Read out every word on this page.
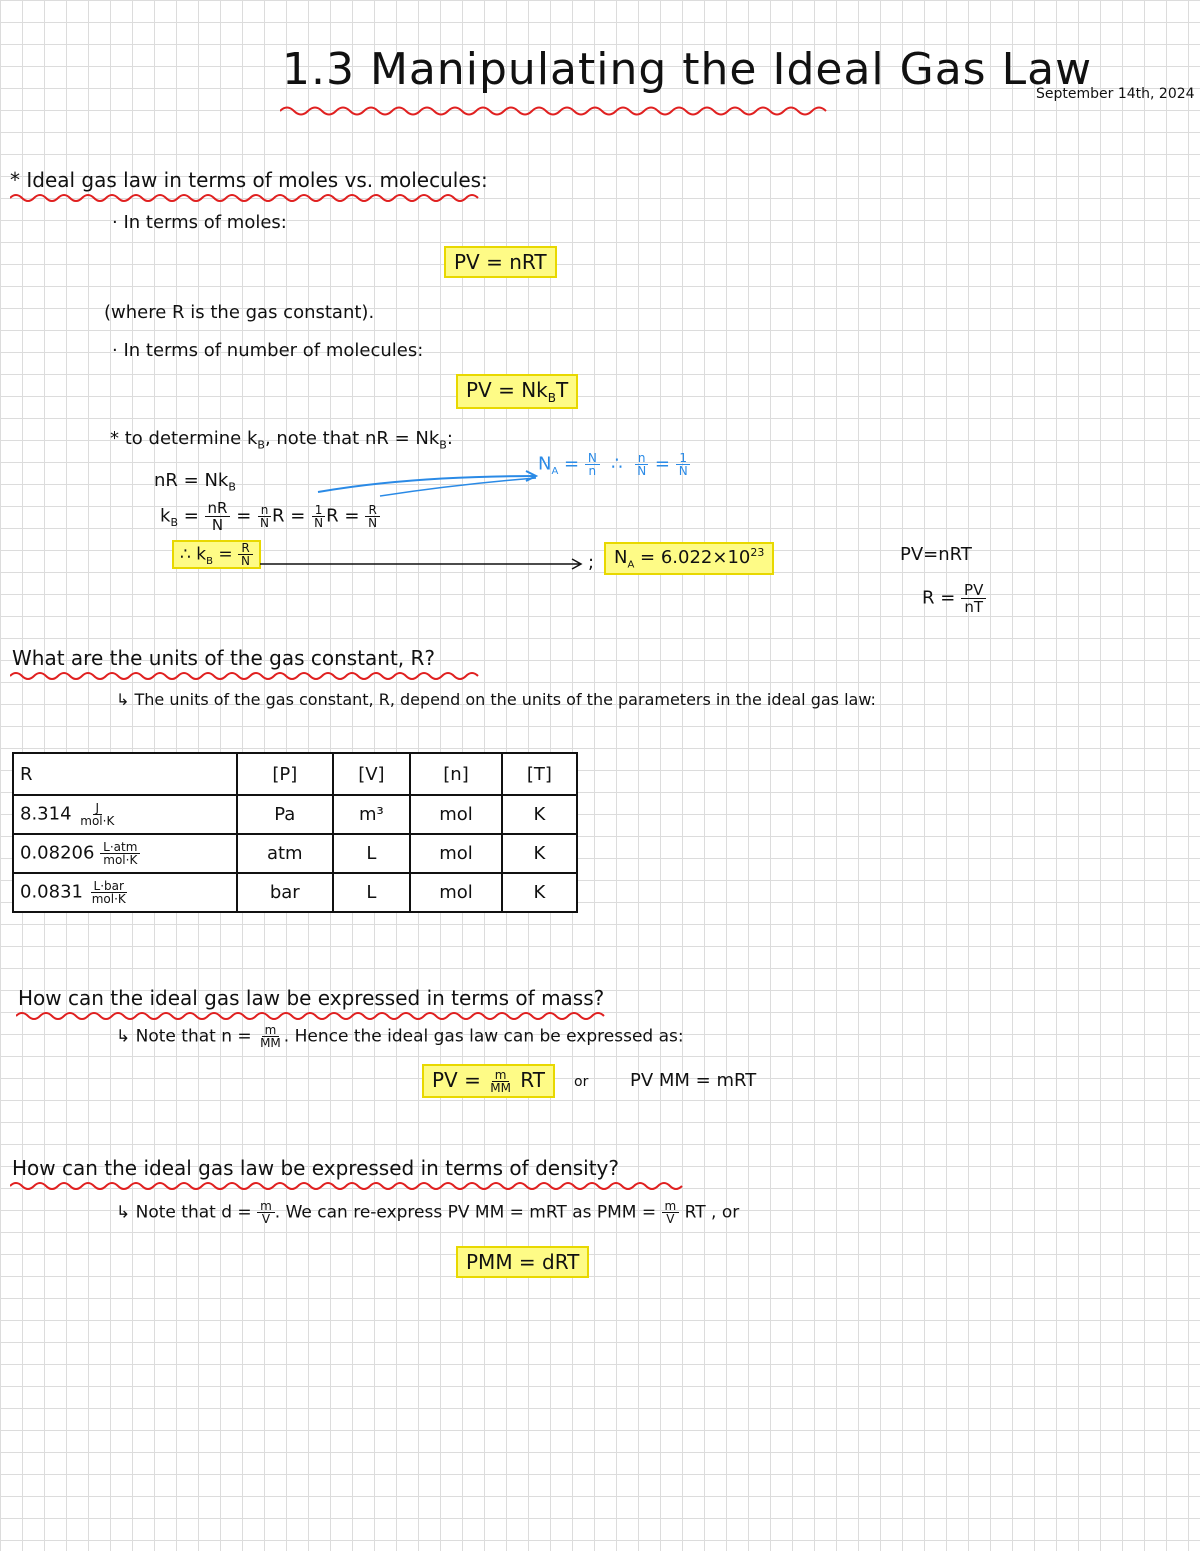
1.3 Manipulating the Ideal Gas Law
September 14th, 2024
* Ideal gas law in terms of moles vs. molecules:
· In terms of moles:
PV = nRT
(where R is the gas constant).
· In terms of number of molecules:
PV = $Nk_BT$
* to determine $k_B$, note that nR = $Nk_B$:
nR = $Nk_B$
$k_B = \frac{nR}{N} = \frac{n}{N}$ $R = \frac{1}{N}$ $R = \frac{R}{N}$
$N_A = \frac{N}{n}$ ∴ $\frac{n}{N} = \frac{1}{N}$
∴ $k_B = \frac{R}{N}$	;	$N_A = 6.022\times 10^{23}$	PV=nRT
$R = \frac{PV}{nT}$
What are the units of the gas constant, R?
↳ The units of the gas constant, R, depend on the units of the parameters in the ideal gas law:
R	[P]	[V]	[n]	[T]
$8.314 \frac{J}{\text{mol·K}}$	Pa	m³	mol	K
$0.08206 \frac{\text{L·atm}}{\text{mol·K}}$	atm	L	mol	K
$0.0831 \frac{\text{L·bar}}{\text{mol·K}}$	bar	L	mol	K
How can the ideal gas law be expressed in terms of mass?
↳ Note that $n = \frac{m}{MM}$ . Hence the ideal gas law can be expressed as:
PV = $\frac{m}{MM}$ RT	or PV MM = mRT
How can the ideal gas law be expressed in terms of density?
↳ Note that $d = \frac{m}{V}$ . We can re-express PV MM = mRT as PMM = $\frac{m}{V}$ RT , or
PMM = dRT
